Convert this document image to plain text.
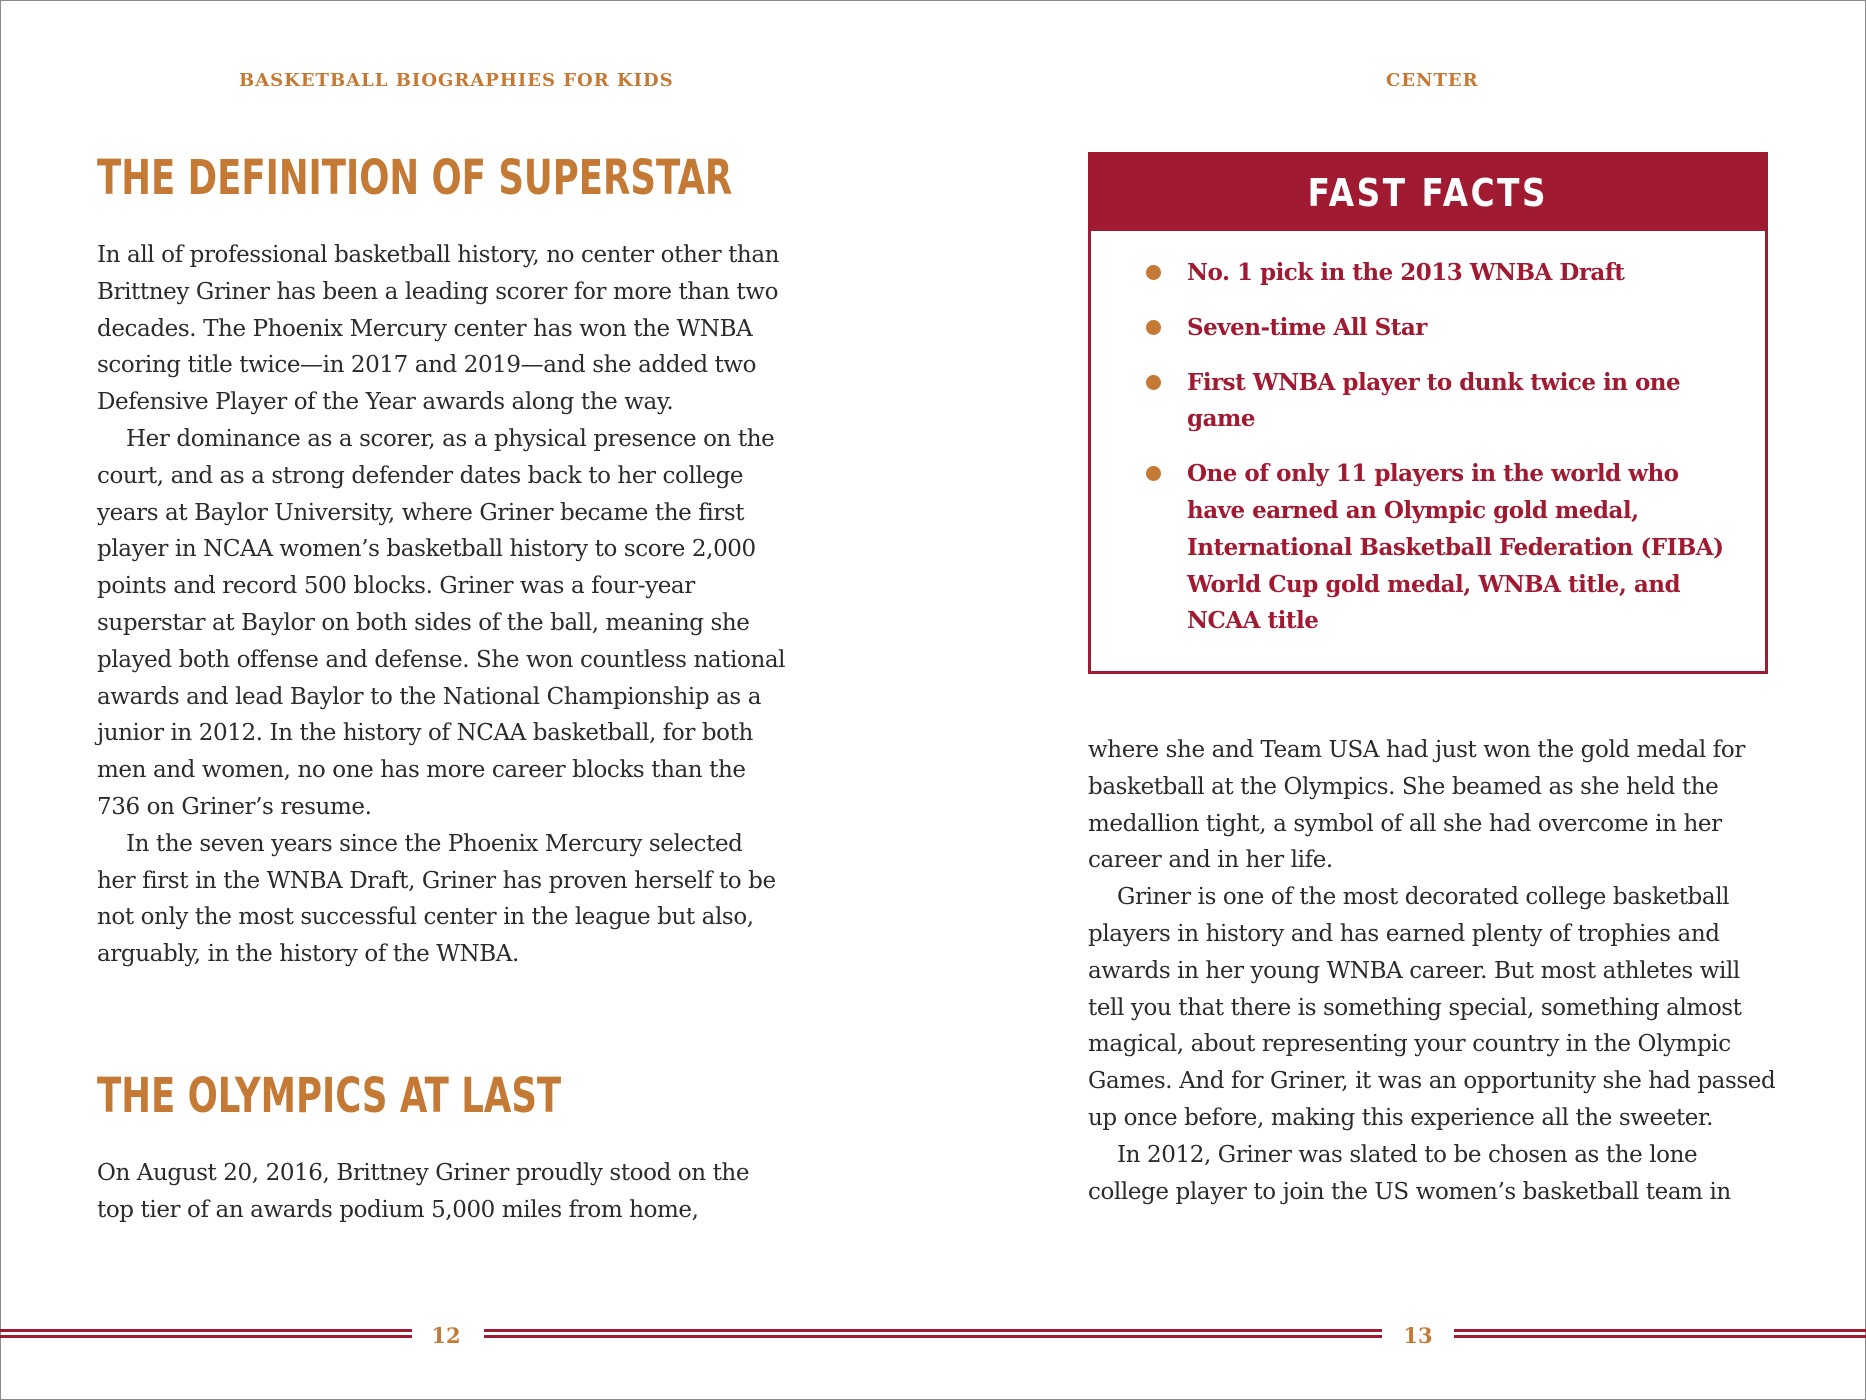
BASKETBALL BIOGRAPHIES FOR KIDS
THE DEFINITION OF SUPERSTAR

In all of professional basketball history, no center other than Brittney Griner has been a leading scorer for more than two decades. The Phoenix Mercury center has won the WNBA scoring title twice—in 2017 and 2019—and she added two Defensive Player of the Year awards along the way.

Her dominance as a scorer, as a physical presence on the court, and as a strong defender dates back to her college years at Baylor University, where Griner became the first player in NCAA women’s basketball history to score 2,000 points and record 500 blocks. Griner was a four-year superstar at Baylor on both sides of the ball, meaning she played both offense and defense. She won countless national awards and lead Baylor to the National Championship as a junior in 2012. In the history of NCAA basketball, for both men and women, no one has more career blocks than the 736 on Griner’s resume.

In the seven years since the Phoenix Mercury selected her first in the WNBA Draft, Griner has proven herself to be not only the most successful center in the league but also, arguably, in the history of the WNBA.

THE OLYMPICS AT LAST

On August 20, 2016, Brittney Griner proudly stood on the top tier of an awards podium 5,000 miles from home,

CENTER
FAST FACTS
No. 1 pick in the 2013 WNBA Draft
Seven-time All Star
First WNBA player to dunk twice in one game
One of only 11 players in the world who have earned an Olympic gold medal, International Basketball Federation (FIBA) World Cup gold medal, WNBA title, and NCAA title

where she and Team USA had just won the gold medal for basketball at the Olympics. She beamed as she held the medallion tight, a symbol of all she had overcome in her career and in her life.

Griner is one of the most decorated college basketball players in history and has earned plenty of trophies and awards in her young WNBA career. But most athletes will tell you that there is something special, something almost magical, about representing your country in the Olympic Games. And for Griner, it was an opportunity she had passed up once before, making this experience all the sweeter.

In 2012, Griner was slated to be chosen as the lone college player to join the US women’s basketball team in

12	13
